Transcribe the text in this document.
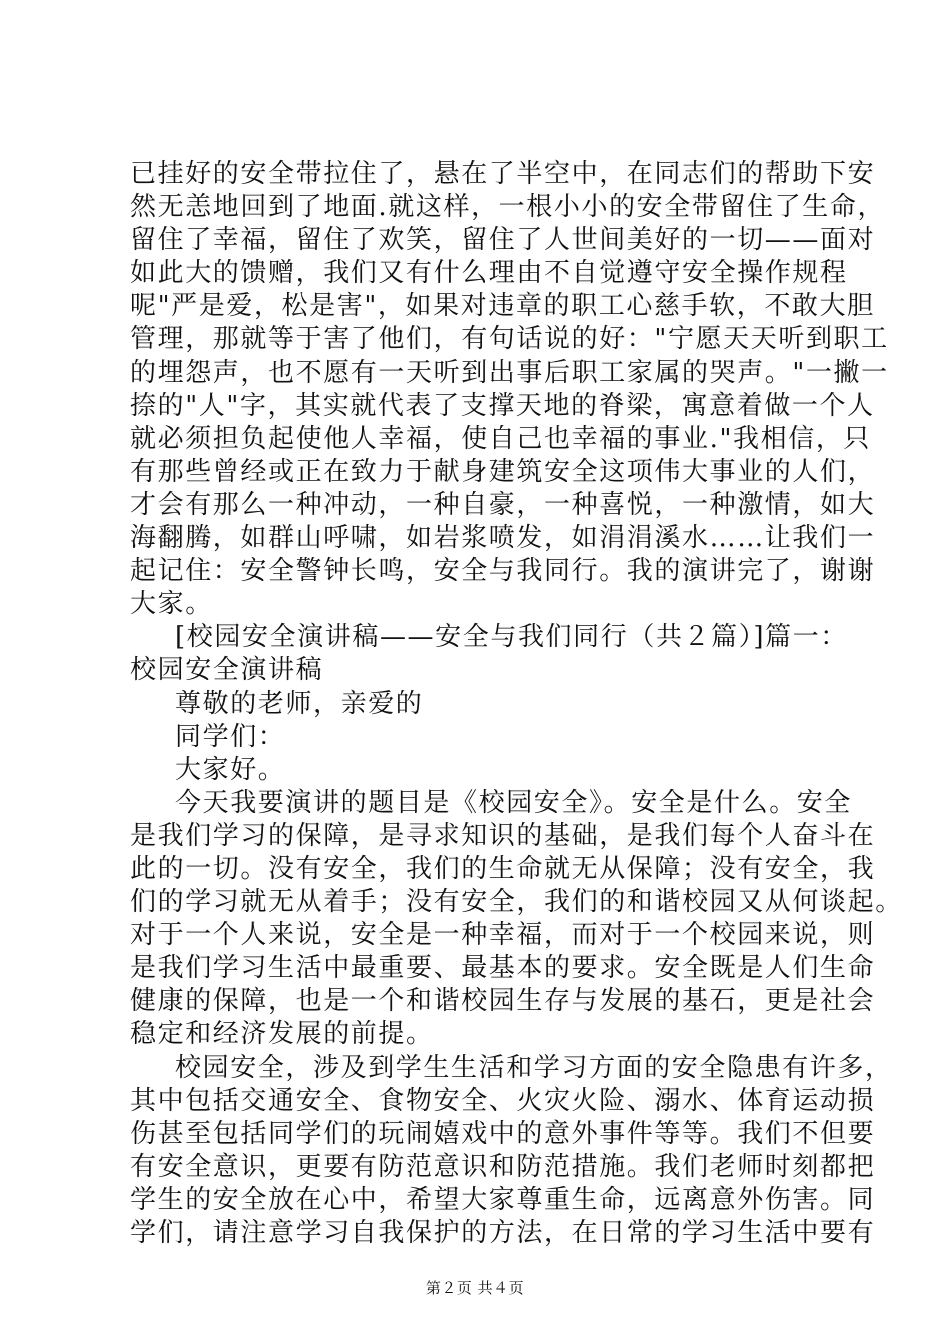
已挂好的安全带拉住了，悬在了半空中，在同志们的帮助下安
然无恙地回到了地面.就这样，一根小小的安全带留住了生命，
留住了幸福，留住了欢笑，留住了人世间美好的一切——面对
如此大的馈赠，我们又有什么理由不自觉遵守安全操作规程
呢"严是爱，松是害"，如果对违章的职工心慈手软，不敢大胆
管理，那就等于害了他们，有句话说的好："宁愿天天听到职工
的埋怨声，也不愿有一天听到出事后职工家属的哭声。"一撇一
捺的"人"字，其实就代表了支撑天地的脊梁，寓意着做一个人
就必须担负起使他人幸福，使自己也幸福的事业."我相信，只
有那些曾经或正在致力于献身建筑安全这项伟大事业的人们，
才会有那么一种冲动，一种自豪，一种喜悦，一种激情，如大
海翻腾，如群山呼啸，如岩浆喷发，如涓涓溪水……让我们一
起记住：安全警钟长鸣，安全与我同行。我的演讲完了，谢谢
大家。
[校园安全演讲稿——安全与我们同行（共２篇）]篇一：
校园安全演讲稿
尊敬的老师，亲爱的
同学们：
大家好。
今天我要演讲的题目是《校园安全》。安全是什么。安全
是我们学习的保障，是寻求知识的基础，是我们每个人奋斗在
此的一切。没有安全，我们的生命就无从保障；没有安全，我
们的学习就无从着手；没有安全，我们的和谐校园又从何谈起。
对于一个人来说，安全是一种幸福，而对于一个校园来说，则
是我们学习生活中最重要、最基本的要求。安全既是人们生命
健康的保障，也是一个和谐校园生存与发展的基石，更是社会
稳定和经济发展的前提。
校园安全，涉及到学生生活和学习方面的安全隐患有许多，
其中包括交通安全、食物安全、火灾火险、溺水、体育运动损
伤甚至包括同学们的玩闹嬉戏中的意外事件等等。我们不但要
有安全意识，更要有防范意识和防范措施。我们老师时刻都把
学生的安全放在心中，希望大家尊重生命，远离意外伤害。同
学们，请注意学习自我保护的方法，在日常的学习生活中要有
第２页 共４页
